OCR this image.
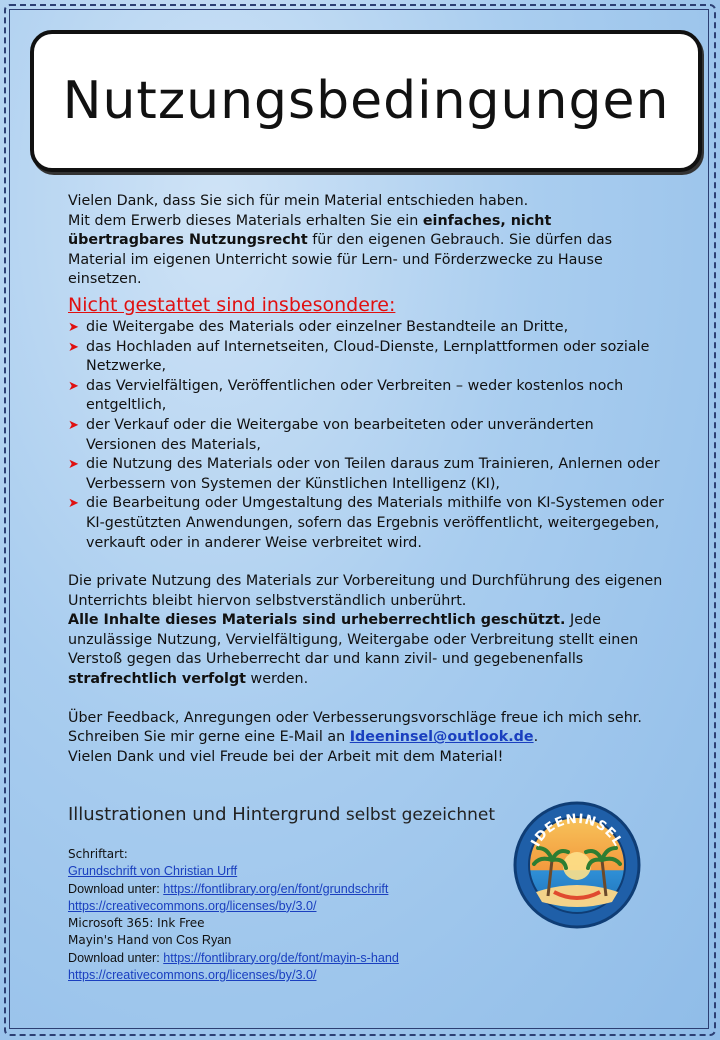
Nutzungsbedingungen

Vielen Dank, dass Sie sich für mein Material entschieden haben.
Mit dem Erwerb dieses Materials erhalten Sie ein einfaches, nicht übertragbares Nutzungsrecht für den eigenen Gebrauch. Sie dürfen das Material im eigenen Unterricht sowie für Lern- und Förderzwecke zu Hause einsetzen.

Nicht gestattet sind insbesondere:
➤ die Weitergabe des Materials oder einzelner Bestandteile an Dritte,
➤ das Hochladen auf Internetseiten, Cloud-Dienste, Lernplattformen oder soziale Netzwerke,
➤ das Vervielfältigen, Veröffentlichen oder Verbreiten – weder kostenlos noch entgeltlich,
➤ der Verkauf oder die Weitergabe von bearbeiteten oder unveränderten Versionen des Materials,
➤ die Nutzung des Materials oder von Teilen daraus zum Trainieren, Anlernen oder Verbessern von Systemen der Künstlichen Intelligenz (KI),
➤ die Bearbeitung oder Umgestaltung des Materials mithilfe von KI-Systemen oder KI-gestützten Anwendungen, sofern das Ergebnis veröffentlicht, weitergegeben, verkauft oder in anderer Weise verbreitet wird.

Die private Nutzung des Materials zur Vorbereitung und Durchführung des eigenen Unterrichts bleibt hiervon selbstverständlich unberührt.
Alle Inhalte dieses Materials sind urheberrechtlich geschützt. Jede unzulässige Nutzung, Vervielfältigung, Weitergabe oder Verbreitung stellt einen Verstoß gegen das Urheberrecht dar und kann zivil- und gegebenenfalls strafrechtlich verfolgt werden.

Über Feedback, Anregungen oder Verbesserungsvorschläge freue ich mich sehr. Schreiben Sie mir gerne eine E-Mail an Ideeninsel@outlook.de.
Vielen Dank und viel Freude bei der Arbeit mit dem Material!

Illustrationen und Hintergrund selbst gezeichnet
Schriftart:
Grundschrift von Christian Urff
Download unter: https://fontlibrary.org/en/font/grundschrift
https://creativecommons.org/licenses/by/3.0/
Microsoft 365: Ink Free
Mayin's Hand von Cos Ryan
Download unter: https://fontlibrary.org/de/font/mayin-s-hand
https://creativecommons.org/licenses/by/3.0/
IDEENINSEL
